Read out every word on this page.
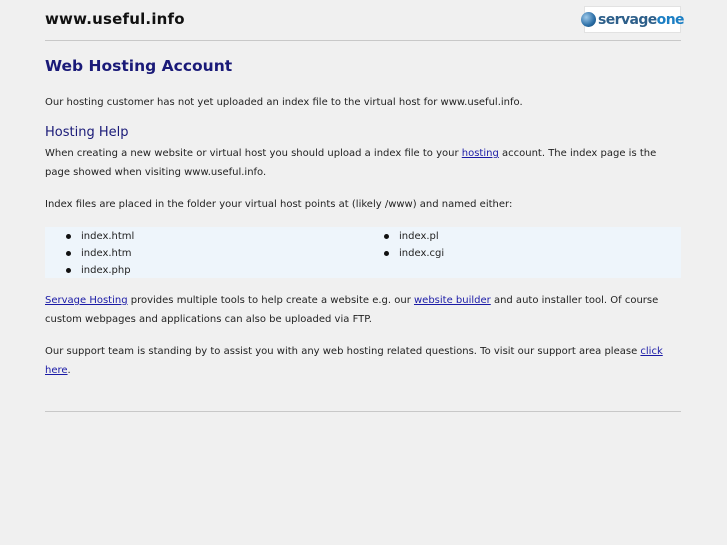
www.useful.info	servageone
Web Hosting Account
Our hosting customer has not yet uploaded an index file to the virtual host for www.useful.info.
Hosting Help
When creating a new website or virtual host you should upload a index file to your hosting account. The index page is the page showed when visiting www.useful.info.
Index files are placed in the folder your virtual host points at (likely /www) and named either:
index.html
index.htm
index.php
index.pl
index.cgi
Servage Hosting provides multiple tools to help create a website e.g. our website builder and auto installer tool. Of course custom webpages and applications can also be uploaded via FTP.
Our support team is standing by to assist you with any web hosting related questions. To visit our support area please click here.
